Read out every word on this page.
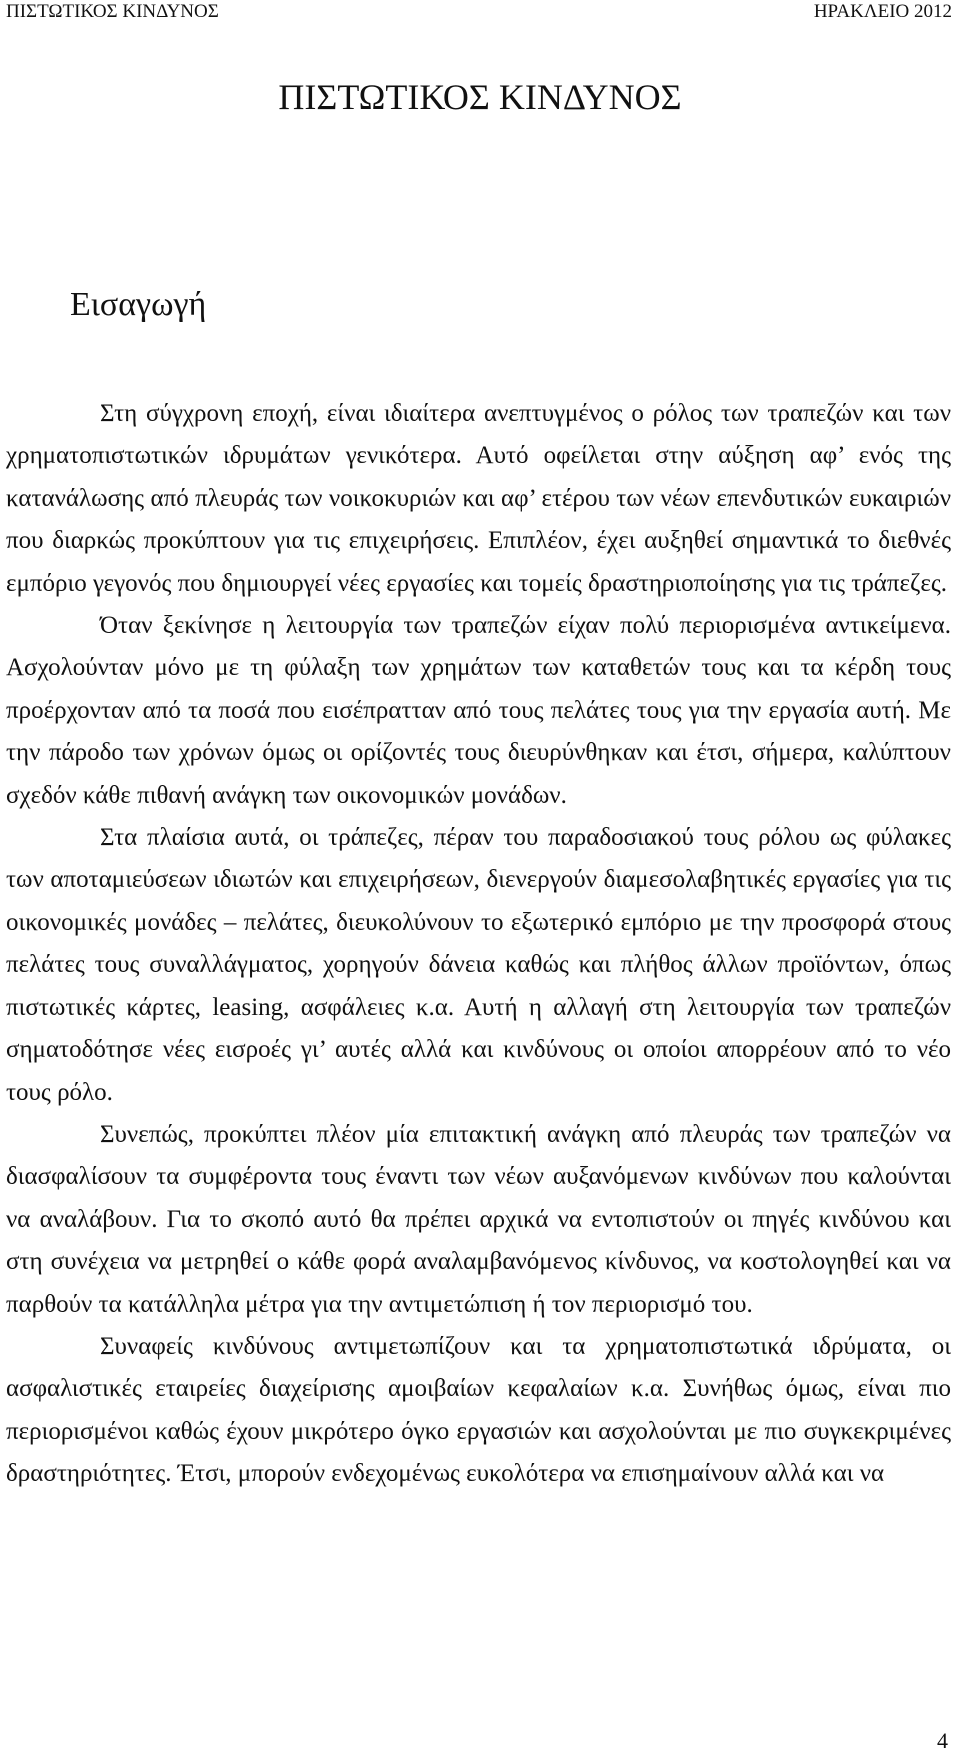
ΠΙΣΤΩΤΙΚΟΣ ΚΙΝΔΥΝΟΣ	ΗΡΑΚΛΕΙΟ 2012
ΠΙΣΤΩΤΙΚΟΣ ΚΙΝΔΥΝΟΣ
Εισαγωγή

Στη σύγχρονη εποχή, είναι ιδιαίτερα ανεπτυγμένος ο ρόλος των τραπεζών και των χρηματοπιστωτικών ιδρυμάτων γενικότερα. Αυτό οφείλεται στην αύξηση αφ’ ενός της κατανάλωσης από πλευράς των νοικοκυριών και αφ’ ετέρου των νέων επενδυτικών ευκαιριών που διαρκώς προκύπτουν για τις επιχειρήσεις. Επιπλέον, έχει αυξηθεί σημαντικά το διεθνές εμπόριο γεγονός που δημιουργεί νέες εργασίες και τομείς δραστηριοποίησης για τις τράπεζες.

Όταν ξεκίνησε η λειτουργία των τραπεζών είχαν πολύ περιορισμένα αντικείμενα. Ασχολούνταν μόνο με τη φύλαξη των χρημάτων των καταθετών τους και τα κέρδη τους προέρχονταν από τα ποσά που εισέπρατταν από τους πελάτες τους για την εργασία αυτή. Με την πάροδο των χρόνων όμως οι ορίζοντές τους διευρύνθηκαν και έτσι, σήμερα, καλύπτουν σχεδόν κάθε πιθανή ανάγκη των οικονομικών μονάδων.

Στα πλαίσια αυτά, οι τράπεζες, πέραν του παραδοσιακού τους ρόλου ως φύλακες των αποταμιεύσεων ιδιωτών και επιχειρήσεων, διενεργούν διαμεσολαβητικές εργασίες για τις οικονομικές μονάδες – πελάτες, διευκολύνουν το εξωτερικό εμπόριο με την προσφορά στους πελάτες τους συναλλάγματος, χορηγούν δάνεια καθώς και πλήθος άλλων προϊόντων, όπως πιστωτικές κάρτες, leasing, ασφάλειες κ.α. Αυτή η αλλαγή στη λειτουργία των τραπεζών σηματοδότησε νέες εισροές γι’ αυτές αλλά και κινδύνους οι οποίοι απορρέουν από το νέο τους ρόλο.

Συνεπώς, προκύπτει πλέον μία επιτακτική ανάγκη από πλευράς των τραπεζών να διασφαλίσουν τα συμφέροντα τους έναντι των νέων αυξανόμενων κινδύνων που καλούνται να αναλάβουν. Για το σκοπό αυτό θα πρέπει αρχικά να εντοπιστούν οι πηγές κινδύνου και στη συνέχεια να μετρηθεί ο κάθε φορά αναλαμβανόμενος κίνδυνος, να κοστολογηθεί και να παρθούν τα κατάλληλα μέτρα για την αντιμετώπιση ή τον περιορισμό του.

Συναφείς κινδύνους αντιμετωπίζουν και τα χρηματοπιστωτικά ιδρύματα, οι ασφαλιστικές εταιρείες διαχείρισης αμοιβαίων κεφαλαίων κ.α. Συνήθως όμως, είναι πιο περιορισμένοι καθώς έχουν μικρότερο όγκο εργασιών και ασχολούνται με πιο συγκεκριμένες δραστηριότητες. Έτσι, μπορούν ενδεχομένως ευκολότερα να επισημαίνουν αλλά και να

4
